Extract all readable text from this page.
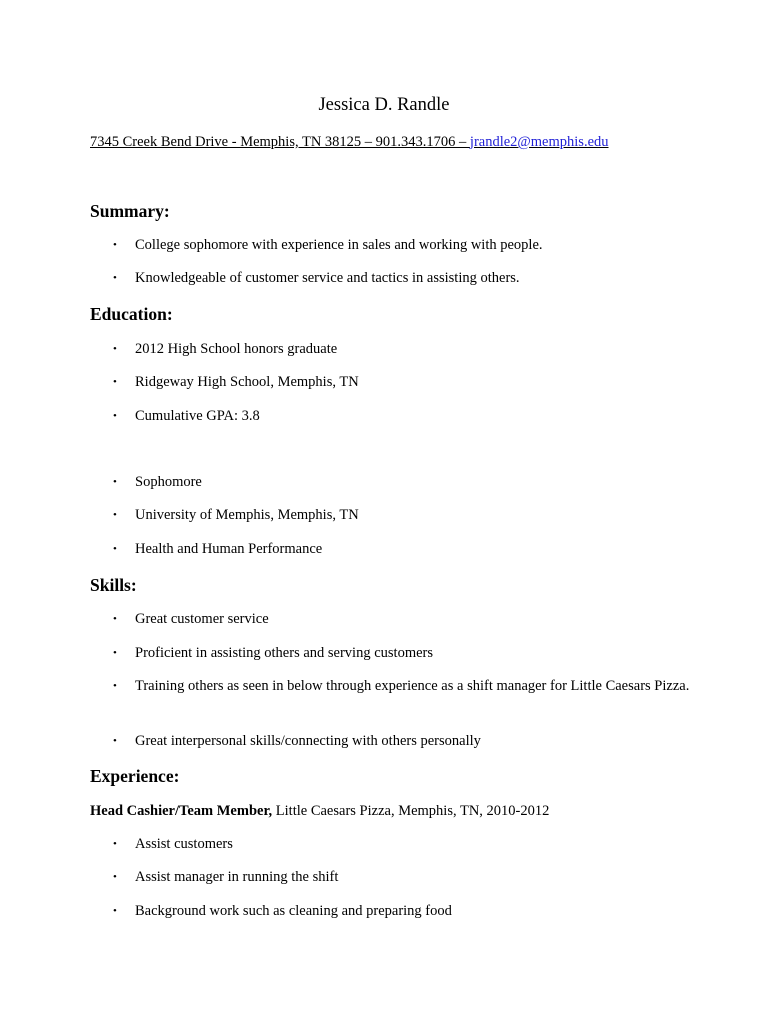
Jessica D. Randle
7345 Creek Bend Drive - Memphis, TN 38125 – 901.343.1706 – jrandle2@memphis.edu
Summary:
• College sophomore with experience in sales and working with people.
• Knowledgeable of customer service and tactics in assisting others.
Education:
• 2012 High School honors graduate
• Ridgeway High School, Memphis, TN
• Cumulative GPA: 3.8
• Sophomore
• University of Memphis, Memphis, TN
• Health and Human Performance
Skills:
• Great customer service
• Proficient in assisting others and serving customers
• Training others as seen in below through experience as a shift manager for Little Caesars Pizza.
• Great interpersonal skills/connecting with others personally
Experience:
Head Cashier/Team Member, Little Caesars Pizza, Memphis, TN, 2010-2012
• Assist customers
• Assist manager in running the shift
• Background work such as cleaning and preparing food
